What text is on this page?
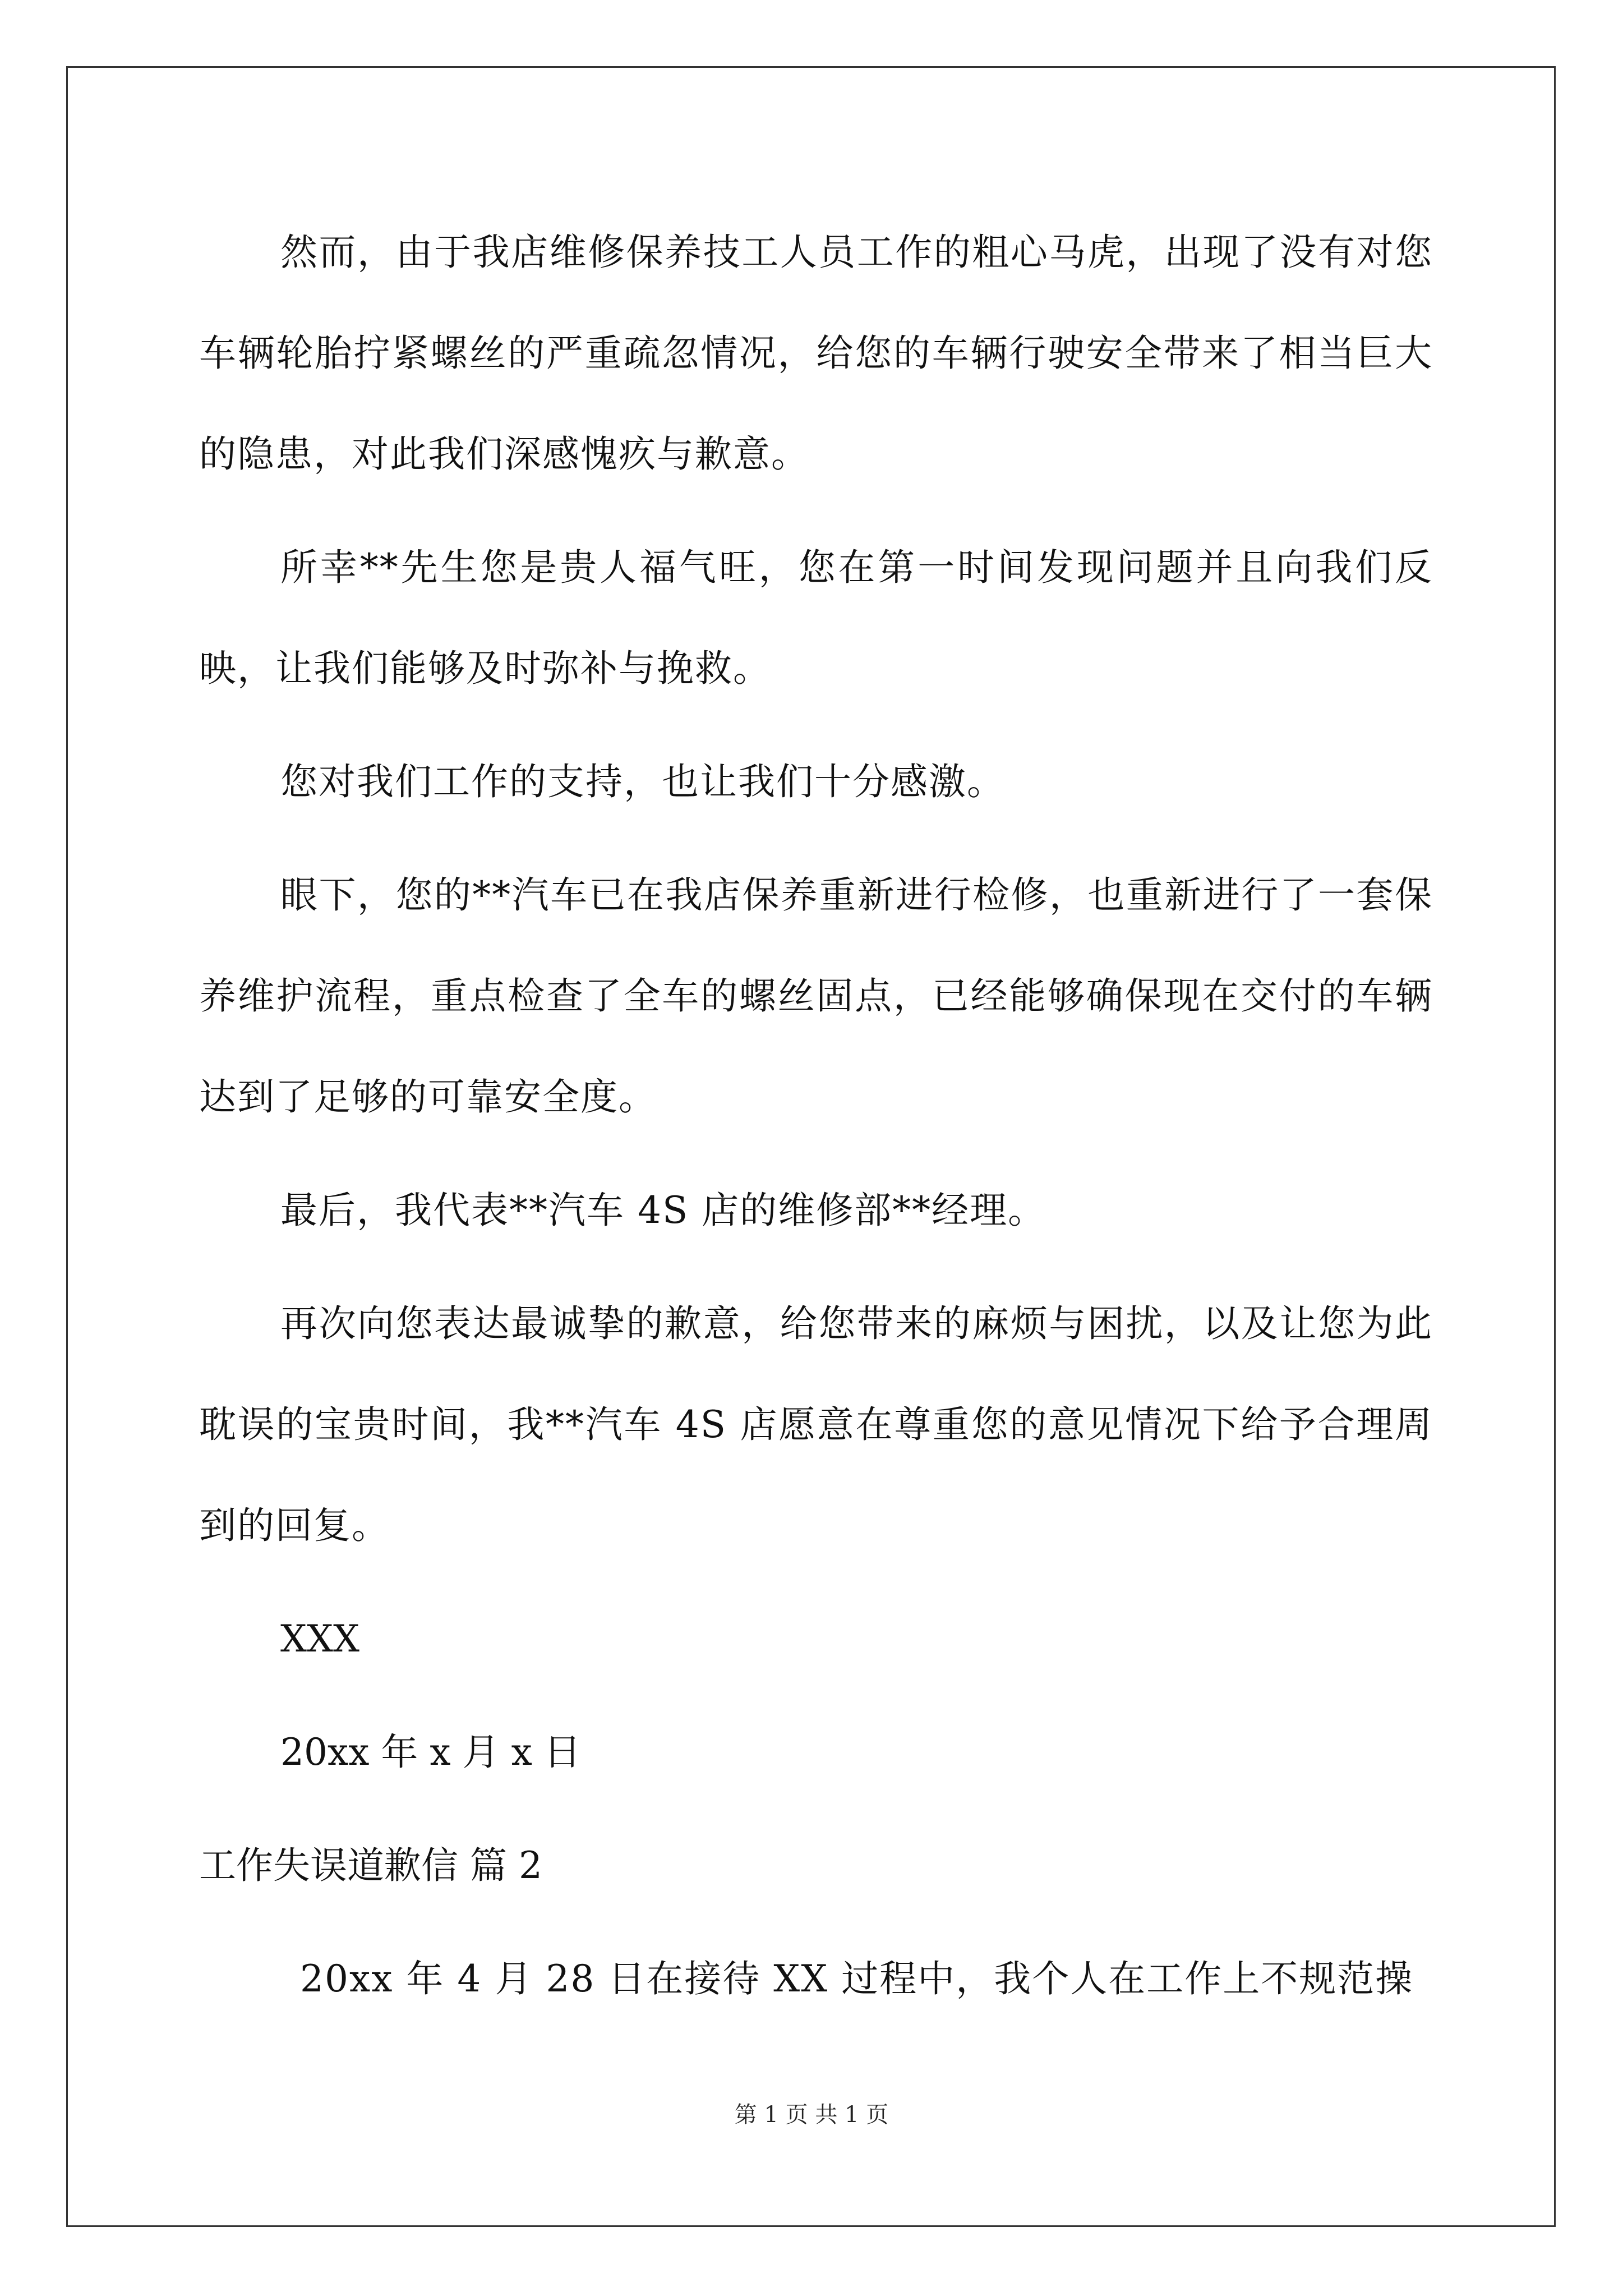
然而，由于我店维修保养技工人员工作的粗心马虎，出现了没有对您车辆轮胎拧紧螺丝的严重疏忽情况，给您的车辆行驶安全带来了相当巨大的隐患，对此我们深感愧疚与歉意。

所幸**先生您是贵人福气旺，您在第一时间发现问题并且向我们反映，让我们能够及时弥补与挽救。

您对我们工作的支持，也让我们十分感激。

眼下，您的**汽车已在我店保养重新进行检修，也重新进行了一套保养维护流程，重点检查了全车的螺丝固点，已经能够确保现在交付的车辆达到了足够的可靠安全度。

最后，我代表**汽车 4S 店的维修部**经理。

再次向您表达最诚挚的歉意，给您带来的麻烦与困扰，以及让您为此耽误的宝贵时间，我**汽车 4S 店愿意在尊重您的意见情况下给予合理周到的回复。

XXX

20xx 年 x 月 x 日

工作失误道歉信 篇 2

20xx 年 4 月 28 日在接待 XX 过程中，我个人在工作上不规范操

第 1 页 共 1 页
